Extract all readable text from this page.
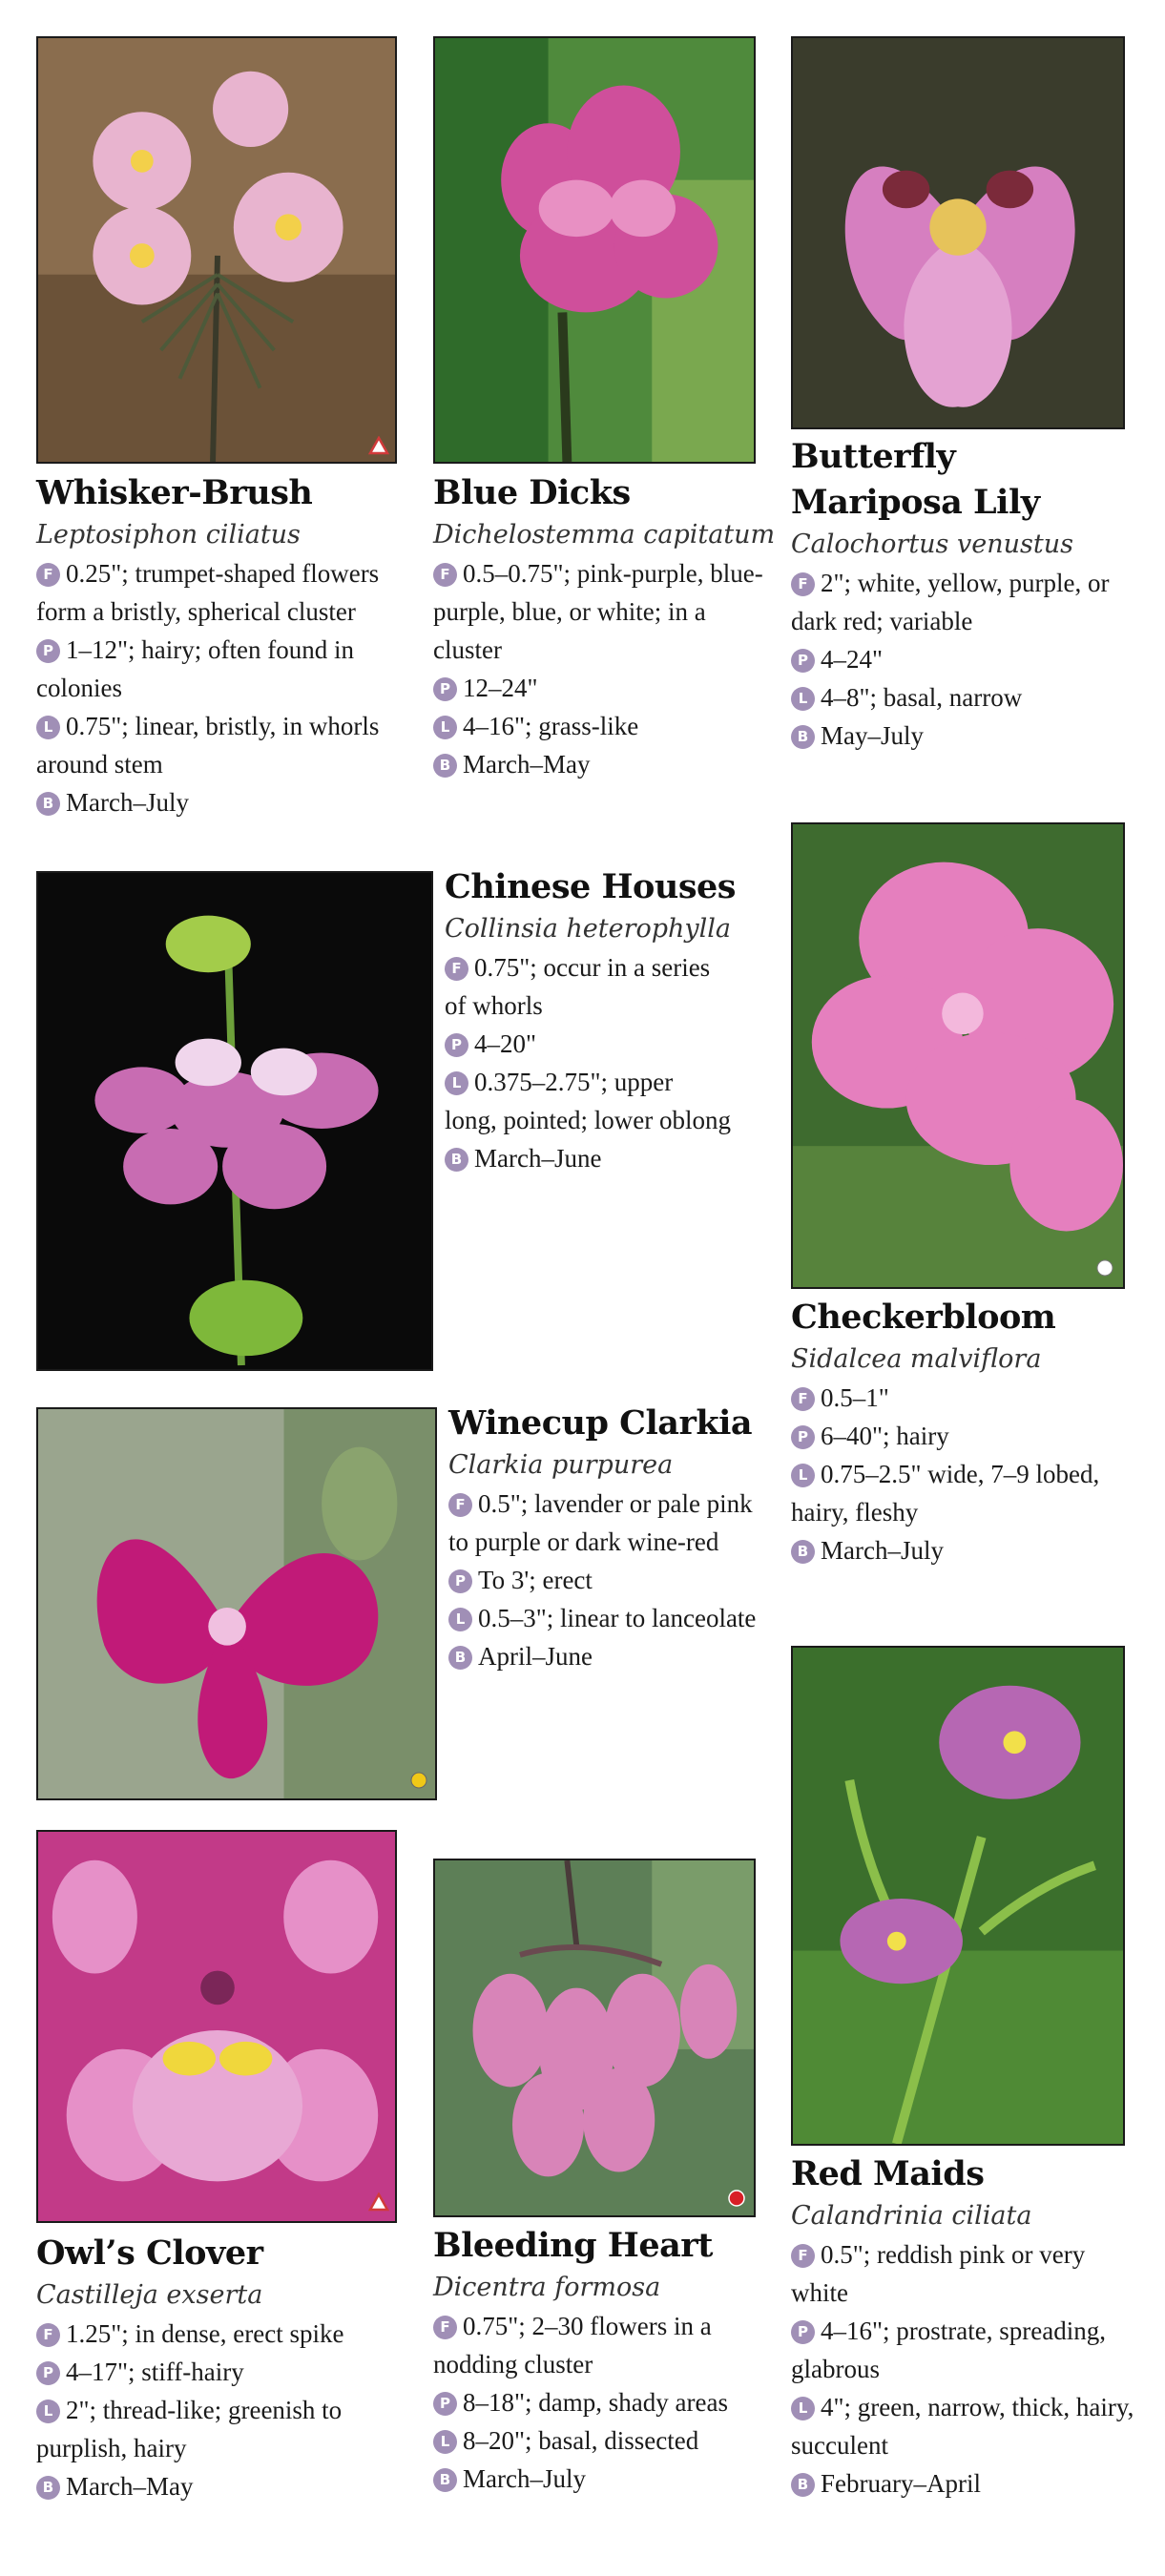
Whisker-Brush

Leptosiphon ciliatus

F 0.25"; trumpet-shaped flowers form a bristly, spherical cluster

P 1–12"; hairy; often found in colonies

L 0.75"; linear, bristly, in whorls around stem

B March–July

Blue Dicks

Dichelostemma capitatum

F 0.5–0.75"; pink-purple, blue-purple, blue, or white; in a cluster

P 12–24"

L 4–16"; grass-like

B March–May

Butterfly
Mariposa Lily

Calochortus venustus

F 2"; white, yellow, purple, or dark red; variable

P 4–24"

L 4–8"; basal, narrow

B May–July

Chinese Houses

Collinsia heterophylla

F 0.75"; occur in a series of whorls

P 4–20"

L 0.375–2.75"; upper long, pointed; lower oblong

B March–June

Checkerbloom

Sidalcea malviflora

F 0.5–1"

P 6–40"; hairy

L 0.75–2.5" wide, 7–9 lobed, hairy, fleshy

B March–July

Winecup Clarkia

Clarkia purpurea

F 0.5"; lavender or pale pink to purple or dark wine-red

P To 3'; erect

L 0.5–3"; linear to lanceolate

B April–June

Owl’s Clover

Castilleja exserta

F 1.25"; in dense, erect spike

P 4–17"; stiff-hairy

L 2"; thread-like; greenish to purplish, hairy

B March–May

Bleeding Heart

Dicentra formosa

F 0.75"; 2–30 flowers in a nodding cluster

P 8–18"; damp, shady areas

L 8–20"; basal, dissected

B March–July

Red Maids

Calandrinia ciliata

F 0.5"; reddish pink or very white

P 4–16"; prostrate, spreading, glabrous

L 4"; green, narrow, thick, hairy, succulent

B February–April
